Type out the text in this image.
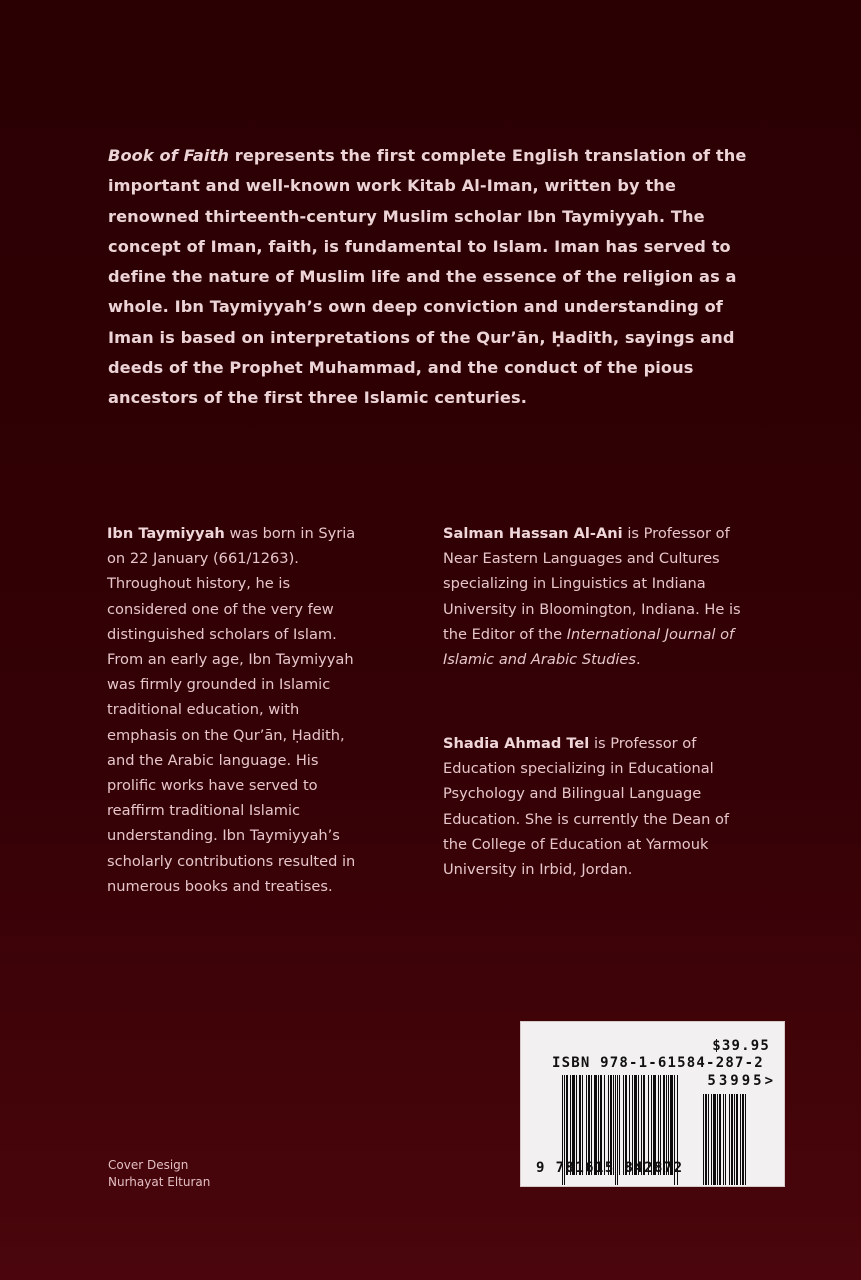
Book of Faith represents the first complete English translation of the important and well-known work Kitab Al-Iman, written by the renowned thirteenth-century Muslim scholar Ibn Taymiyyah. The concept of Iman, faith, is fundamental to Islam. Iman has served to define the nature of Muslim life and the essence of the religion as a whole. Ibn Taymiyyah’s own deep conviction and understanding of Iman is based on interpretations of the Qur’ān, Ḥadith, sayings and deeds of the Prophet Muhammad, and the conduct of the pious ancestors of the first three Islamic centuries.

Ibn Taymiyyah was born in Syria on 22 January (661/1263). Throughout history, he is considered one of the very few distinguished scholars of Islam. From an early age, Ibn Taymiyyah was firmly grounded in Islamic traditional education, with emphasis on the Qur’ān, Ḥadith, and the Arabic language. His prolific works have served to reaffirm traditional Islamic understanding. Ibn Taymiyyah’s scholarly contributions resulted in numerous books and treatises.

Salman Hassan Al-Ani is Professor of Near Eastern Languages and Cultures specializing in Linguistics at Indiana University in Bloomington, Indiana. He is the Editor of the International Journal of Islamic and Arabic Studies.

Shadia Ahmad Tel is Professor of Education specializing in Educational Psychology and Bilingual Language Education. She is currently the Dean of the College of Education at Yarmouk University in Irbid, Jordan.

Cover Design
Nurhayat Elturan
$39.95
ISBN 978-1-61584-287-2
53995>
9 781615 842872
